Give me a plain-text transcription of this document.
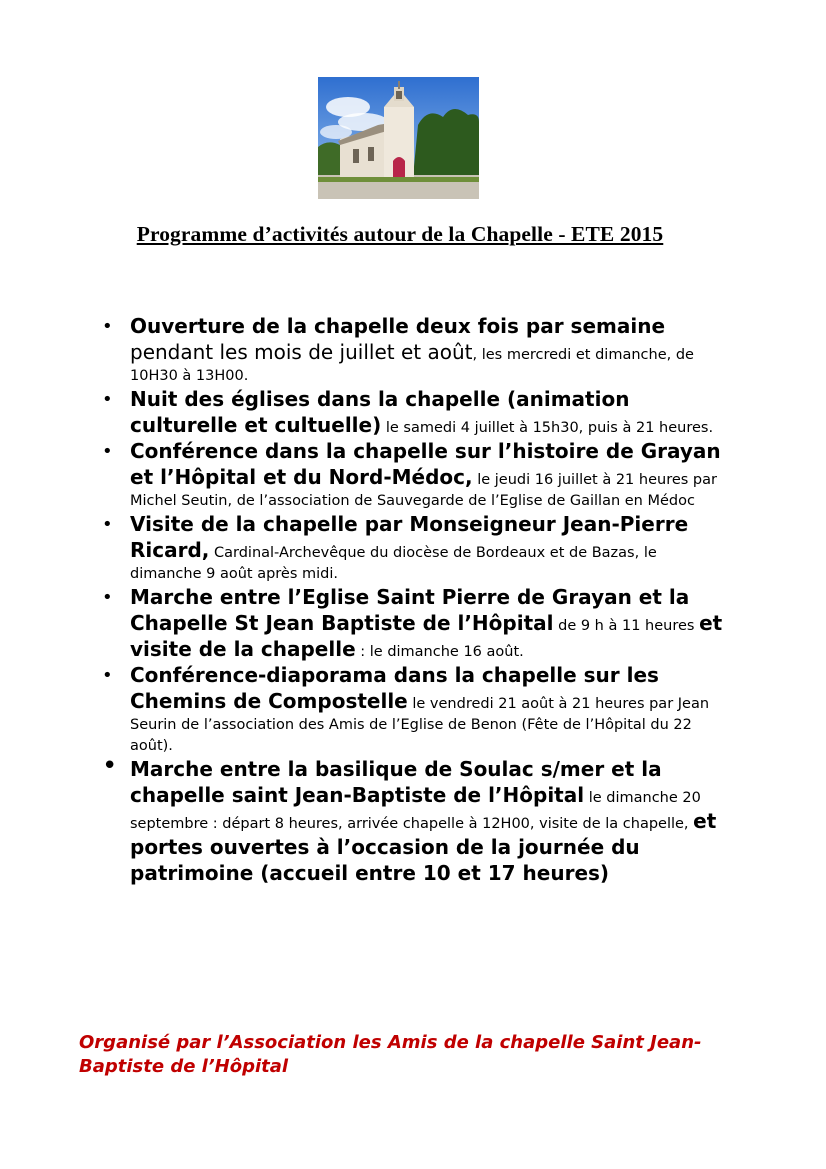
Programme d’activités autour de la Chapelle - ETE 2015
• Ouverture de la chapelle deux fois par semaine pendant les mois de juillet et août, les mercredi et dimanche, de 10H30 à 13H00.
• Nuit des églises dans la chapelle (animation culturelle et cultuelle) le samedi 4 juillet à 15h30, puis à 21 heures.
• Conférence dans la chapelle sur l’histoire de Grayan et l’Hôpital et du Nord-Médoc, le jeudi 16 juillet à 21 heures par Michel Seutin, de l’association de Sauvegarde de l’Eglise de Gaillan en Médoc
• Visite de la chapelle par Monseigneur Jean-Pierre Ricard, Cardinal-Archevêque du diocèse de Bordeaux et de Bazas, le dimanche 9 août après midi.
• Marche entre l’Eglise Saint Pierre de Grayan et la Chapelle St Jean Baptiste de l’Hôpital de 9 h à 11 heures et visite de la chapelle : le dimanche 16 août.
• Conférence-diaporama dans la chapelle sur les Chemins de Compostelle le vendredi 21 août à 21 heures par Jean Seurin de l’association des Amis de l’Eglise de Benon (Fête de l’Hôpital du 22 août).
• Marche entre la basilique de Soulac s/mer et la chapelle saint Jean-Baptiste de l’Hôpital le dimanche 20 septembre : départ 8 heures, arrivée chapelle à 12H00, visite de la chapelle, et portes ouvertes à l’occasion de la journée du patrimoine (accueil entre 10 et 17 heures)
Organisé par l’Association les Amis de la chapelle Saint Jean-Baptiste de l’Hôpital
